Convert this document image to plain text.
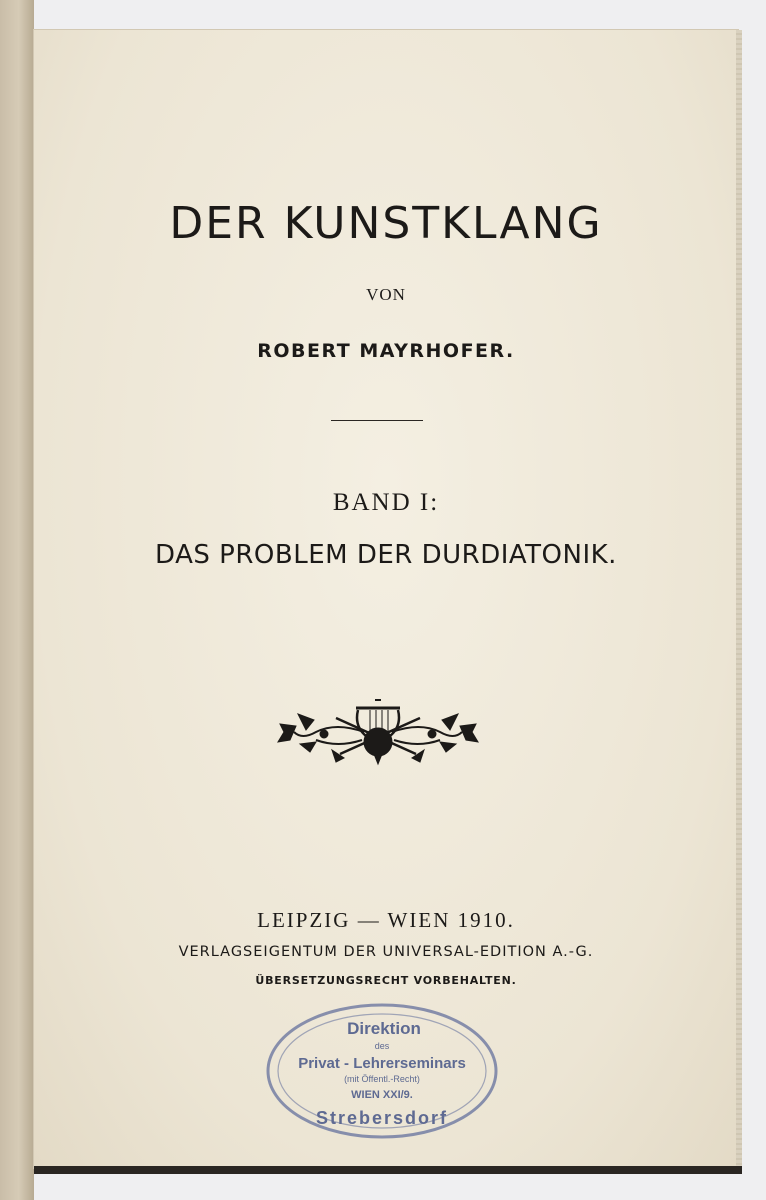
DER KUNSTKLANG
VON
ROBERT MAYRHOFER.
BAND I:
DAS PROBLEM DER DURDIATONIK.
LEIPZIG — WIEN 1910.
VERLAGSEIGENTUM DER UNIVERSAL-EDITION A.-G.
ÜBERSETZUNGSRECHT VORBEHALTEN.
Direktion
des
Privat - Lehrerseminars
(mit Öffentl.-Recht)
WIEN XXI/9.
Strebersdorf
